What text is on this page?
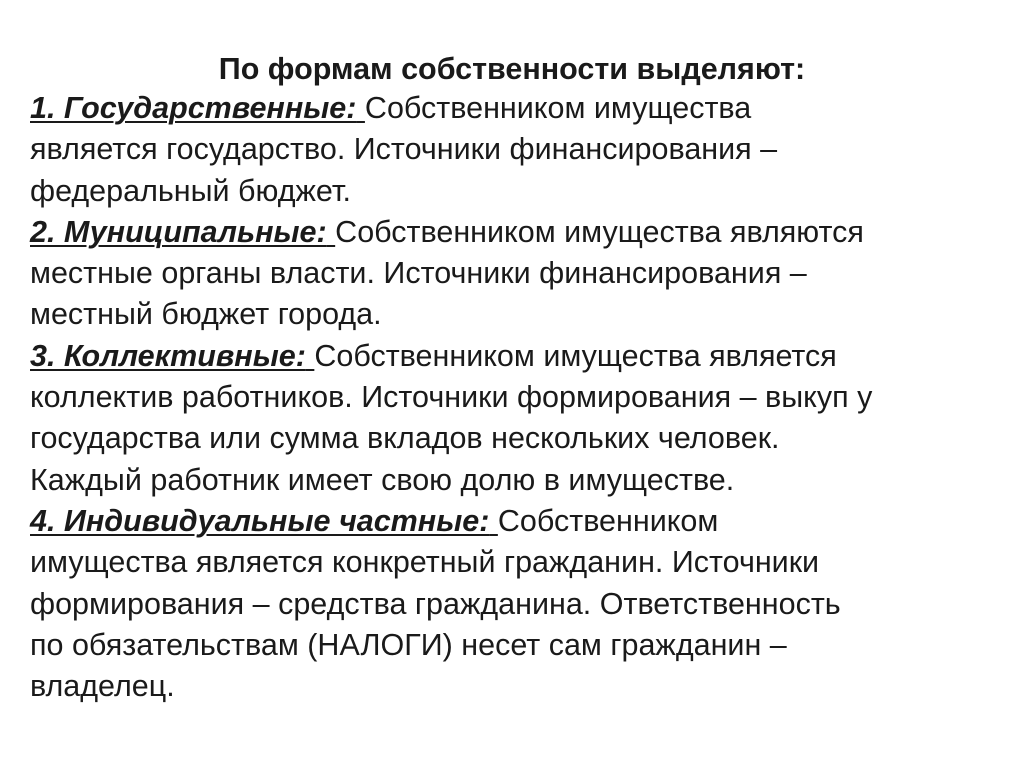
По формам собственности выделяют:
1. Государственные: Собственником имущества
является государство. Источники финансирования –
федеральный бюджет.
2. Муниципальные: Собственником имущества являются
местные органы власти. Источники финансирования –
местный бюджет города.
3. Коллективные: Собственником имущества является
коллектив работников. Источники формирования – выкуп у
государства или сумма вкладов нескольких человек.
Каждый работник имеет свою долю в имуществе.
4. Индивидуальные частные: Собственником
имущества является конкретный гражданин. Источники
формирования – средства гражданина. Ответственность
по обязательствам (НАЛОГИ) несет сам гражданин –
владелец.
